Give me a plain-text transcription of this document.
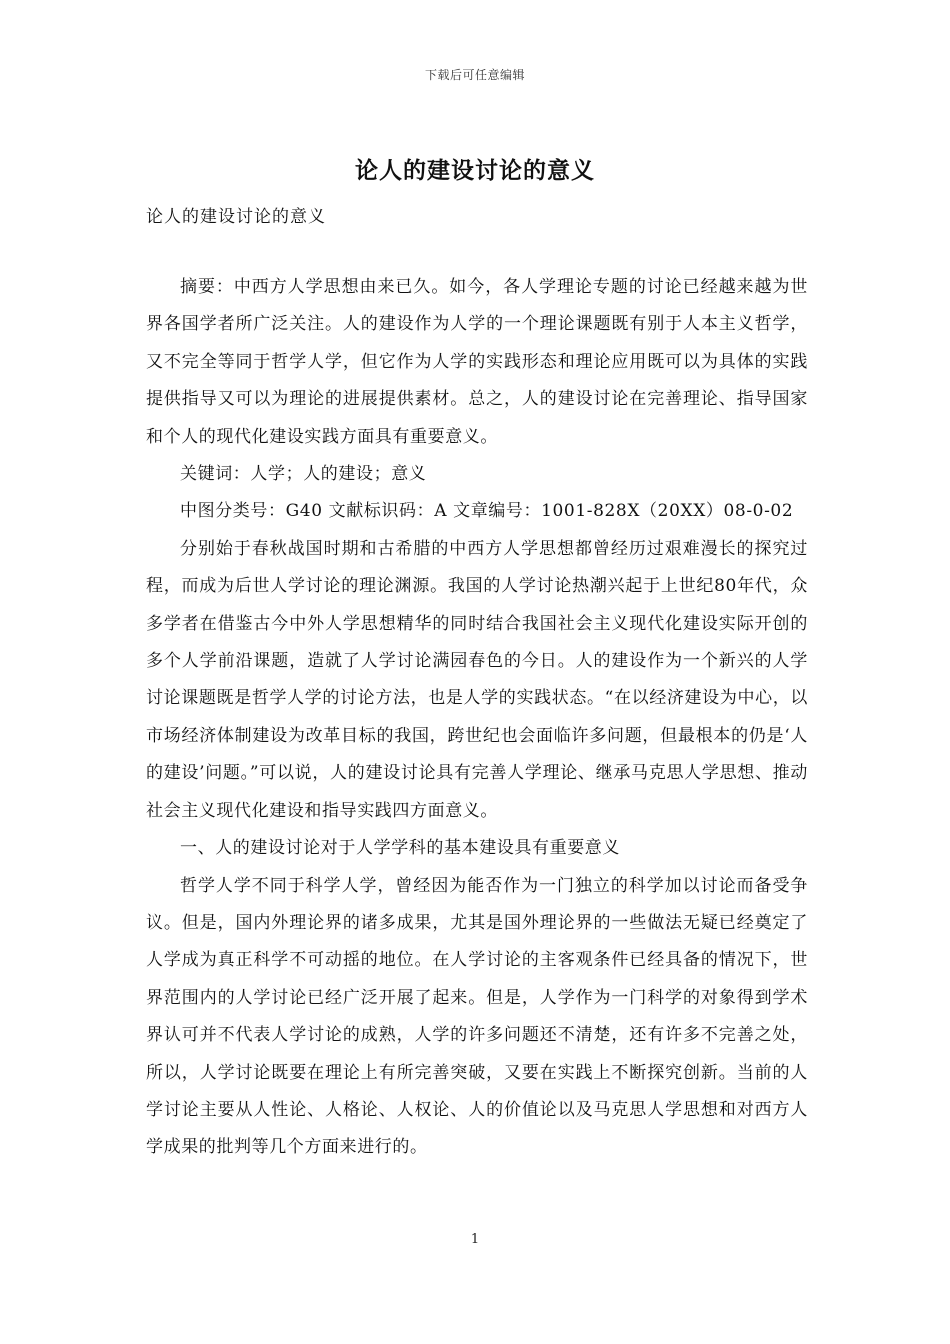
下载后可任意编辑
论人的建设讨论的意义
论人的建设讨论的意义

摘要：中西方人学思想由来已久。如今，各人学理论专题的讨论已经越来越为世界各国学者所广泛关注。人的建设作为人学的一个理论课题既有别于人本主义哲学，又不完全等同于哲学人学，但它作为人学的实践形态和理论应用既可以为具体的实践提供指导又可以为理论的进展提供素材。总之，人的建设讨论在完善理论、指导国家和个人的现代化建设实践方面具有重要意义。

关键词：人学；人的建设；意义

中图分类号：G40 文献标识码：A 文章编号：1001-828X（20XX）08-0-02

分别始于春秋战国时期和古希腊的中西方人学思想都曾经历过艰难漫长的探究过程，而成为后世人学讨论的理论渊源。我国的人学讨论热潮兴起于上世纪80年代，众多学者在借鉴古今中外人学思想精华的同时结合我国社会主义现代化建设实际开创的多个人学前沿课题，造就了人学讨论满园春色的今日。人的建设作为一个新兴的人学讨论课题既是哲学人学的讨论方法，也是人学的实践状态。“在以经济建设为中心，以市场经济体制建设为改革目标的我国，跨世纪也会面临许多问题，但最根本的仍是‘人的建设’问题。”可以说，人的建设讨论具有完善人学理论、继承马克思人学思想、推动社会主义现代化建设和指导实践四方面意义。

一、人的建设讨论对于人学学科的基本建设具有重要意义

哲学人学不同于科学人学，曾经因为能否作为一门独立的科学加以讨论而备受争议。但是，国内外理论界的诸多成果，尤其是国外理论界的一些做法无疑已经奠定了人学成为真正科学不可动摇的地位。在人学讨论的主客观条件已经具备的情况下，世界范围内的人学讨论已经广泛开展了起来。但是，人学作为一门科学的对象得到学术界认可并不代表人学讨论的成熟，人学的许多问题还不清楚，还有许多不完善之处，所以，人学讨论既要在理论上有所完善突破，又要在实践上不断探究创新。当前的人学讨论主要从人性论、人格论、人权论、人的价值论以及马克思人学思想和对西方人学成果的批判等几个方面来进行的。

1
